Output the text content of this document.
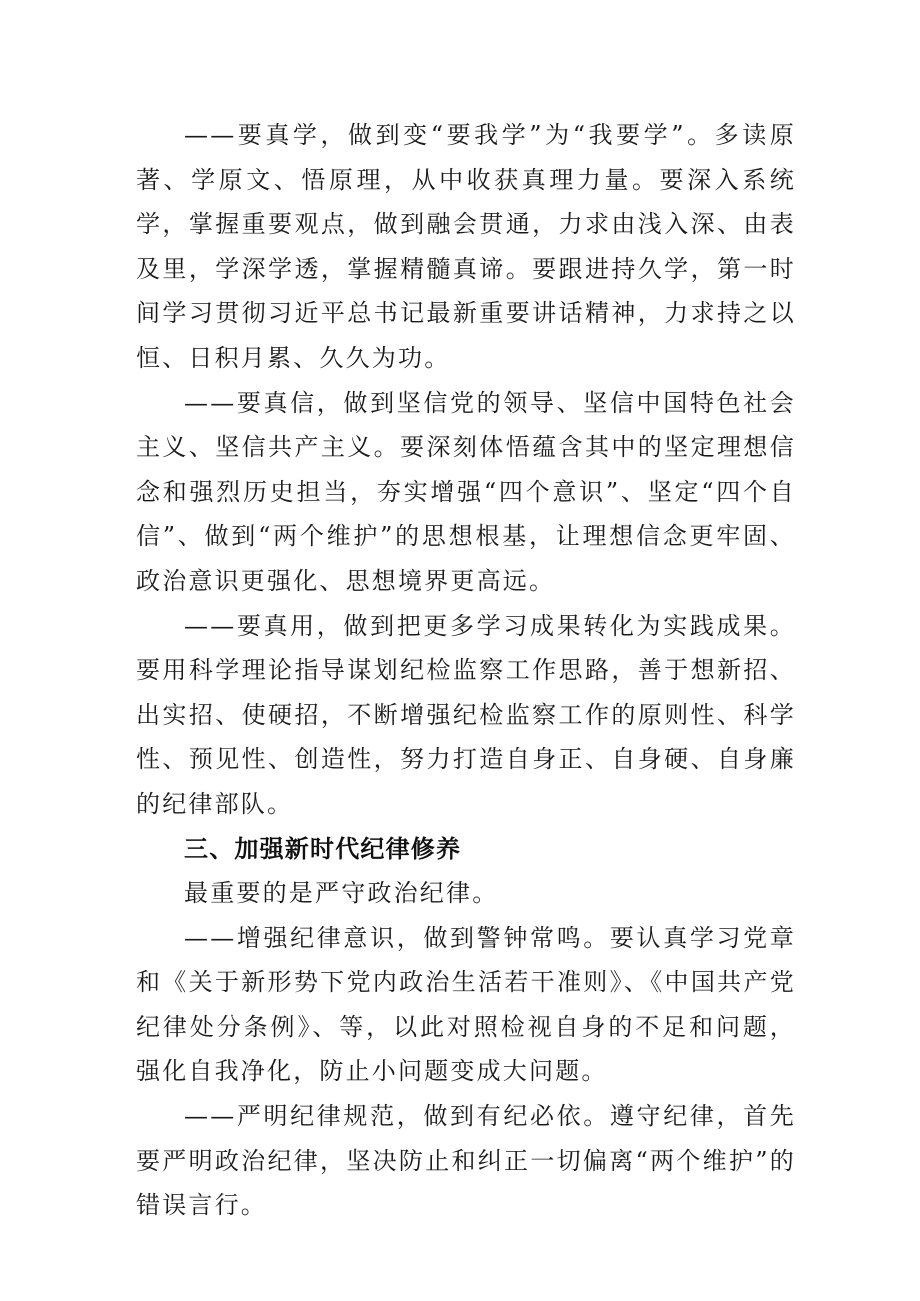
——要真学，做到变“要我学”为“我要学”。多读原著、学原文、悟原理，从中收获真理力量。要深入系统学，掌握重要观点，做到融会贯通，力求由浅入深、由表及里，学深学透，掌握精髓真谛。要跟进持久学，第一时间学习贯彻习近平总书记最新重要讲话精神，力求持之以恒、日积月累、久久为功。

——要真信，做到坚信党的领导、坚信中国特色社会主义、坚信共产主义。要深刻体悟蕴含其中的坚定理想信念和强烈历史担当，夯实增强“四个意识”、坚定“四个自信”、做到“两个维护”的思想根基，让理想信念更牢固、政治意识更强化、思想境界更高远。

——要真用，做到把更多学习成果转化为实践成果。要用科学理论指导谋划纪检监察工作思路，善于想新招、出实招、使硬招，不断增强纪检监察工作的原则性、科学性、预见性、创造性，努力打造自身正、自身硬、自身廉的纪律部队。

三、加强新时代纪律修养

最重要的是严守政治纪律。

——增强纪律意识，做到警钟常鸣。要认真学习党章和《关于新形势下党内政治生活若干准则》、《中国共产党纪律处分条例》、等，以此对照检视自身的不足和问题，强化自我净化，防止小问题变成大问题。

——严明纪律规范，做到有纪必依。遵守纪律，首先要严明政治纪律，坚决防止和纠正一切偏离“两个维护”的错误言行。
